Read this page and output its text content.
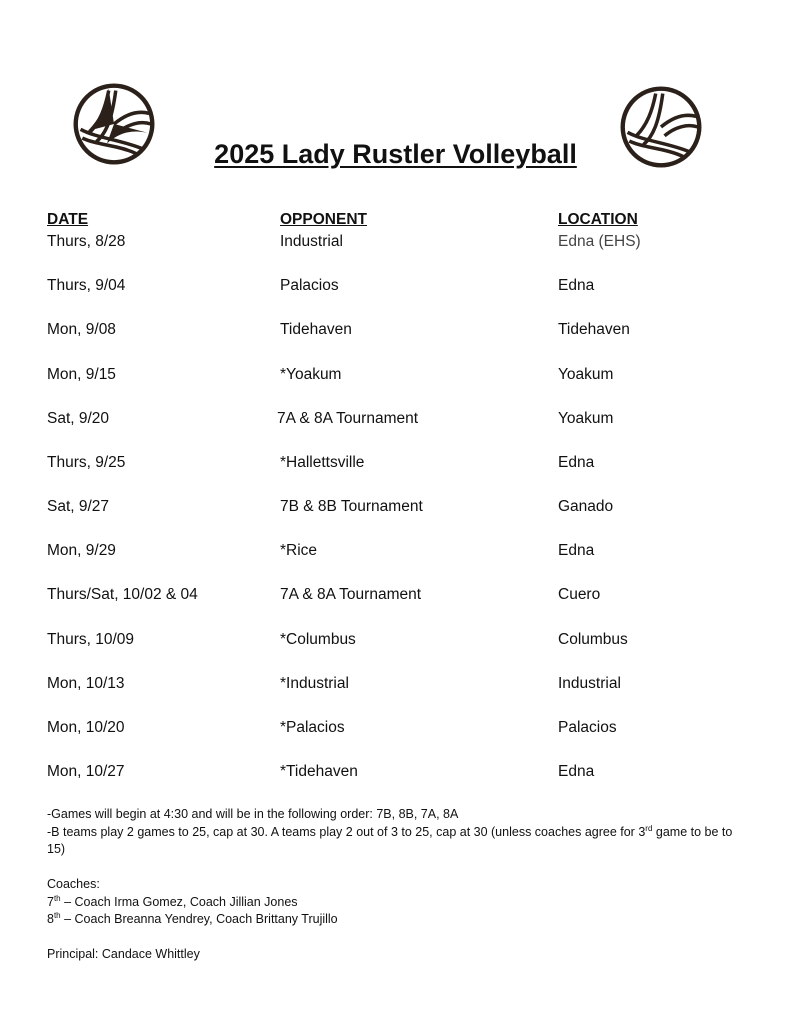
2025 Lady Rustler Volleyball
DATE	OPPONENT	LOCATION
Thurs, 8/28	Industrial	Edna (EHS)
Thurs, 9/04	Palacios	Edna
Mon, 9/08	Tidehaven	Tidehaven
Mon, 9/15	*Yoakum	Yoakum
Sat, 9/20	7A & 8A Tournament	Yoakum
Thurs, 9/25	*Hallettsville	Edna
Sat, 9/27	7B & 8B Tournament	Ganado
Mon, 9/29	*Rice	Edna
Thurs/Sat, 10/02 & 04	7A & 8A Tournament	Cuero
Thurs, 10/09	*Columbus	Columbus
Mon, 10/13	*Industrial	Industrial
Mon, 10/20	*Palacios	Palacios
Mon, 10/27	*Tidehaven	Edna

-Games will begin at 4:30 and will be in the following order: 7B, 8B, 7A, 8A

-B teams play 2 games to 25, cap at 30. A teams play 2 out of 3 to 25, cap at 30 (unless coaches agree for 3rd game to be to 15)

Coaches:

7th – Coach Irma Gomez, Coach Jillian Jones

8th – Coach Breanna Yendrey, Coach Brittany Trujillo

Principal: Candace Whittley
